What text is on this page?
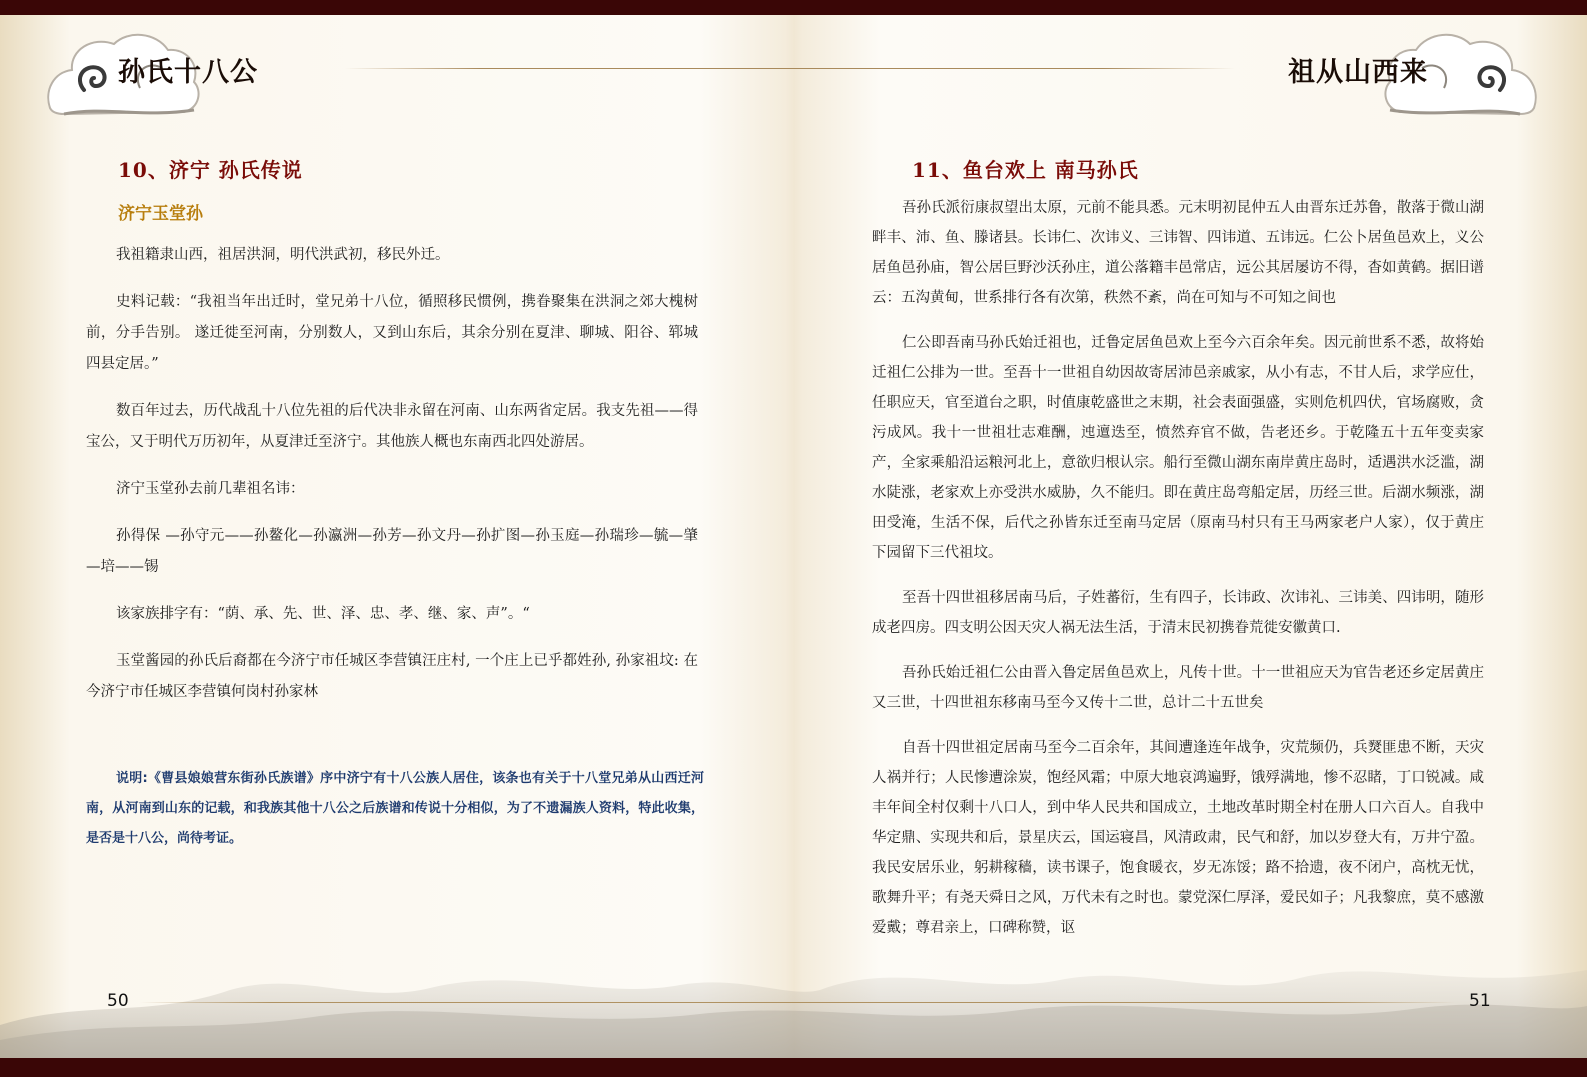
孙氏十八公	祖从山西来
10、济宁 孙氏传说
济宁玉堂孙

我祖籍隶山西，祖居洪洞，明代洪武初，移民外迁。

史料记载：“我祖当年出迁时，堂兄弟十八位，循照移民惯例，携眷聚集在洪洞之郊大槐树前，分手告别。 遂迁徙至河南，分别数人，又到山东后，其余分别在夏津、聊城、阳谷、郓城四县定居。”

数百年过去，历代战乱十八位先祖的后代决非永留在河南、山东两省定居。我支先祖——得宝公，又于明代万历初年，从夏津迁至济宁。其他族人概也东南西北四处游居。

济宁玉堂孙去前几辈祖名讳：

孙得保 —孙守元——孙鳌化—孙瀛洲—孙芳—孙文丹—孙扩图—孙玉庭—孙瑞珍—毓—肇—培——锡

该家族排字有：“荫、承、先、世、泽、忠、孝、继、家、声”。“

玉堂酱园的孙氏后裔都在今济宁市任城区李营镇汪庄村, 一个庄上已乎都姓孙, 孙家祖坟: 在今济宁市任城区李营镇何岗村孙家林

说明:《曹县娘娘营东街孙氏族谱》序中济宁有十八公族人居住，该条也有关于十八堂兄弟从山西迁河南，从河南到山东的记载，和我族其他十八公之后族谱和传说十分相似，为了不遗漏族人资料，特此收集，是否是十八公，尚待考证。

11、鱼台欢上 南马孙氏

吾孙氏派衍康叔望出太原，元前不能具悉。元末明初昆仲五人由晋东迁苏鲁，散落于微山湖畔丰、沛、鱼、滕诸县。长讳仁、次讳义、三讳智、四讳道、五讳远。仁公卜居鱼邑欢上，义公居鱼邑孙庙，智公居巨野沙沃孙庄，道公落籍丰邑常店，远公其居屡访不得，杳如黄鹤。据旧谱云：五沟黄甸，世系排行各有次第，秩然不紊，尚在可知与不可知之间也

仁公即吾南马孙氏始迁祖也，迁鲁定居鱼邑欢上至今六百余年矣。因元前世系不悉，故将始迁祖仁公排为一世。至吾十一世祖自幼因故寄居沛邑亲戚家，从小有志，不甘人后，求学应仕，任职应天，官至道台之职，时值康乾盛世之末期，社会表面强盛，实则危机四伏，官场腐败，贪污成风。我十一世祖壮志难酬，迍邅迭至，愤然弃官不做，告老还乡。于乾隆五十五年变卖家产，全家乘船沿运粮河北上，意欲归根认宗。船行至微山湖东南岸黄庄岛时，适遇洪水泛滥，湖水陡涨，老家欢上亦受洪水威胁，久不能归。即在黄庄岛弯船定居，历经三世。后湖水频涨，湖田受淹，生活不保，后代之孙皆东迁至南马定居（原南马村只有王马两家老户人家），仅于黄庄下园留下三代祖坟。

至吾十四世祖移居南马后，子姓蕃衍，生有四子，长讳政、次讳礼、三讳美、四讳明，随形成老四房。四支明公因天灾人祸无法生活，于清末民初携眷荒徙安徽黄口.

吾孙氏始迁祖仁公由晋入鲁定居鱼邑欢上，凡传十世。十一世祖应天为官告老还乡定居黄庄又三世，十四世祖东移南马至今又传十二世，总计二十五世矣

自吾十四世祖定居南马至今二百余年，其间遭逢连年战争，灾荒频仍，兵燹匪患不断，天灾人祸并行；人民惨遭涂炭，饱经风霜；中原大地哀鸿遍野，饿殍满地，惨不忍睹，丁口锐减。咸丰年间全村仅剩十八口人，到中华人民共和国成立，土地改革时期全村在册人口六百人。自我中华定鼎、实现共和后，景星庆云，国运寝昌，风清政肃，民气和舒，加以岁登大有，万井宁盈。我民安居乐业，躬耕稼穑，读书课子，饱食暖衣，岁无冻馁；路不拾遗，夜不闭户，高枕无忧，歌舞升平；有尧天舜日之风，万代未有之时也。蒙党深仁厚泽，爱民如子；凡我黎庶，莫不感激爱戴；尊君亲上，口碑称赞，讴

50	51
